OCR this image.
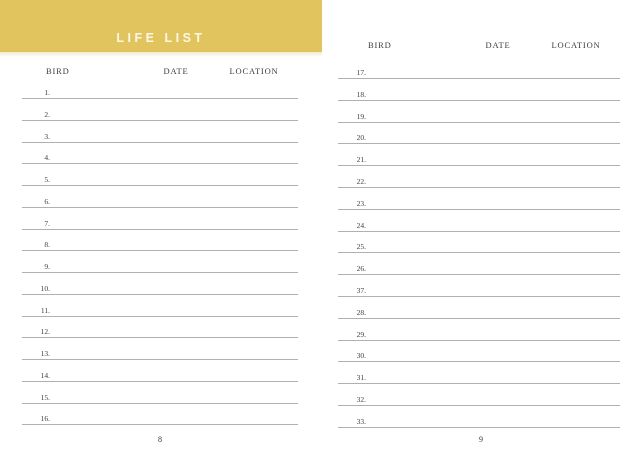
LIFE LIST
BIRD	DATE	LOCATION
1.
2.
3.
4.
5.
6.
7.
8.
9.
10.
11.
12.
13.
14.
15.
16.
8
BIRD	DATE	LOCATION
17.
18.
19.
20.
21.
22.
23.
24.
25.
26.
37.
28.
29.
30.
31.
32.
33.
9
